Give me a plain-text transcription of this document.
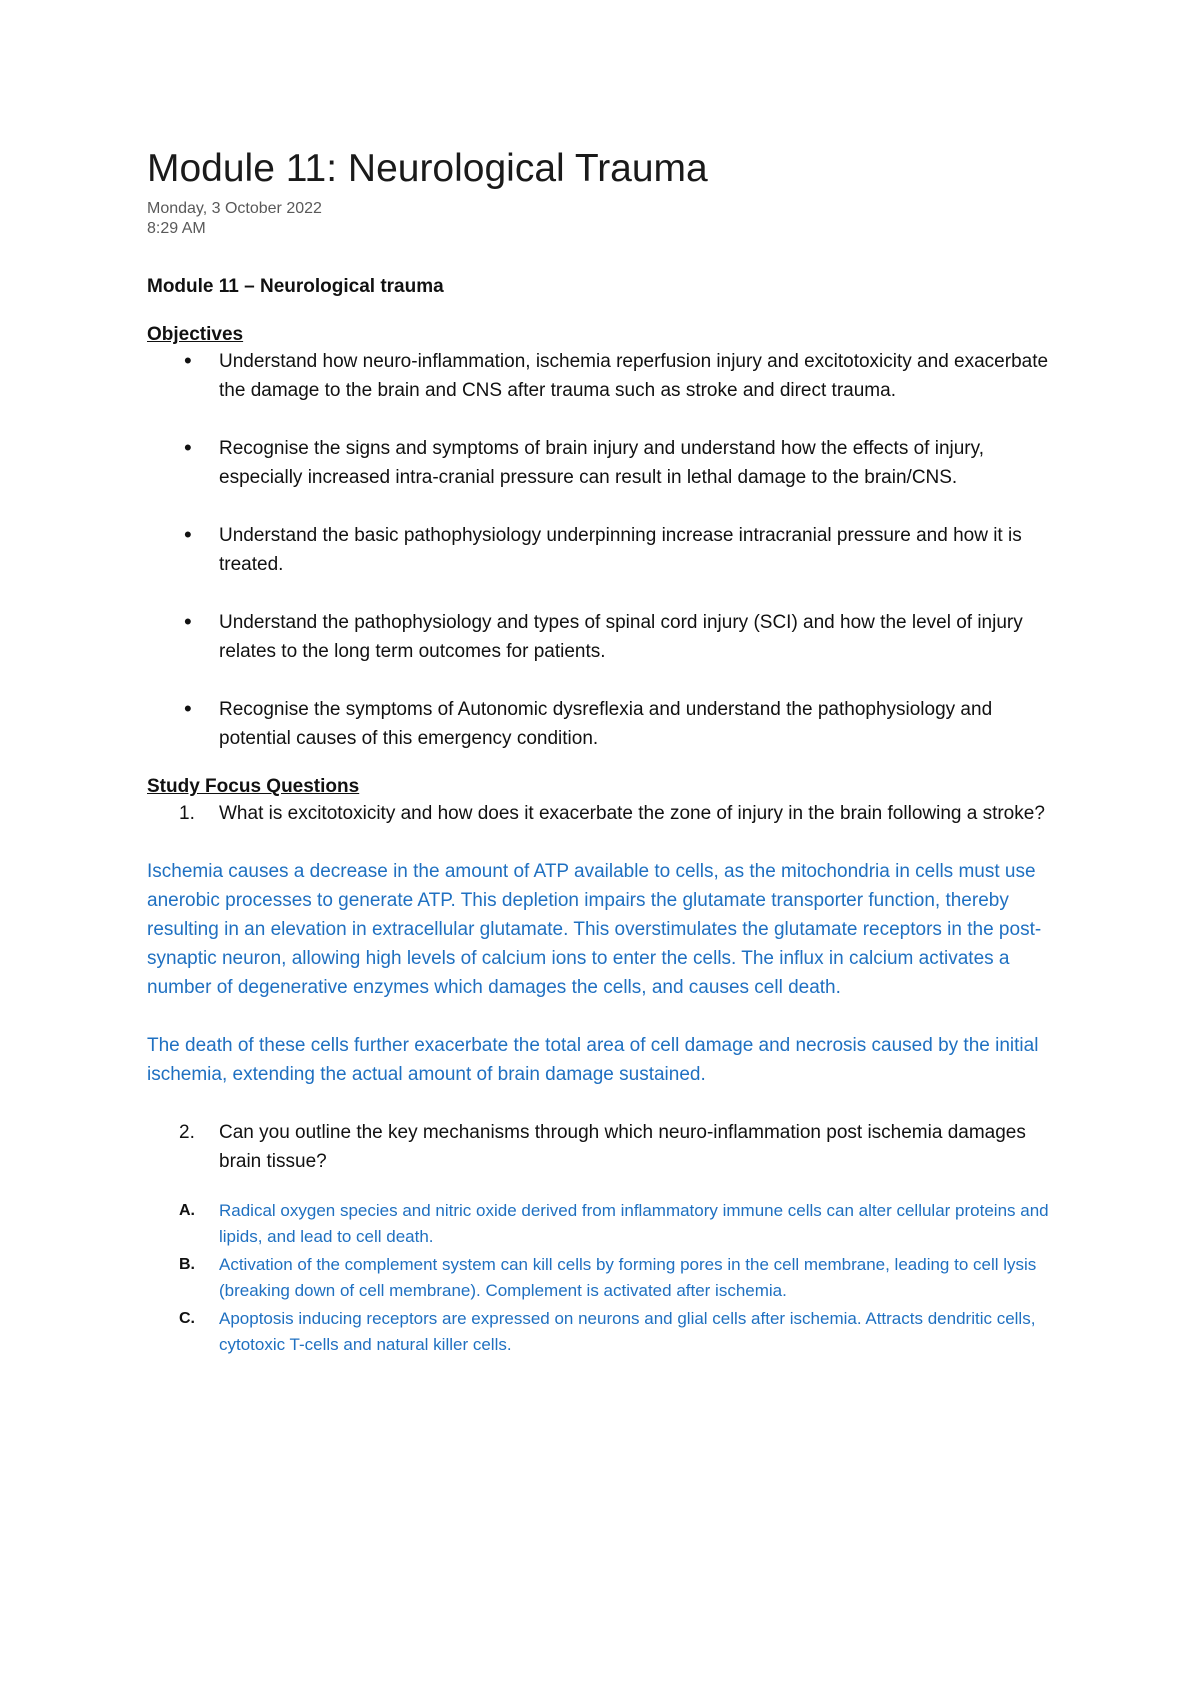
Module 11: Neurological Trauma
Monday, 3 October 2022
8:29 AM
Module 11 – Neurological trauma
Objectives
• Understand how neuro-inflammation, ischemia reperfusion injury and excitotoxicity and exacerbate the damage to the brain and CNS after trauma such as stroke and direct trauma.
• Recognise the signs and symptoms of brain injury and understand how the effects of injury, especially increased intra-cranial pressure can result in lethal damage to the brain/CNS.
• Understand the basic pathophysiology underpinning increase intracranial pressure and how it is treated.
• Understand the pathophysiology and types of spinal cord injury (SCI) and how the level of injury relates to the long term outcomes for patients.
• Recognise the symptoms of Autonomic dysreflexia and understand the pathophysiology and potential causes of this emergency condition.
Study Focus Questions
1. What is excitotoxicity and how does it exacerbate the zone of injury in the brain following a stroke?
Ischemia causes a decrease in the amount of ATP available to cells, as the mitochondria in cells must use anerobic processes to generate ATP. This depletion impairs the glutamate transporter function, thereby resulting in an elevation in extracellular glutamate. This overstimulates the glutamate receptors in the post-synaptic neuron, allowing high levels of calcium ions to enter the cells. The influx in calcium activates a number of degenerative enzymes which damages the cells, and causes cell death.
The death of these cells further exacerbate the total area of cell damage and necrosis caused by the initial ischemia, extending the actual amount of brain damage sustained.
2. Can you outline the key mechanisms through which neuro-inflammation post ischemia damages brain tissue?
A. Radical oxygen species and nitric oxide derived from inflammatory immune cells can alter cellular proteins and lipids, and lead to cell death.
B. Activation of the complement system can kill cells by forming pores in the cell membrane, leading to cell lysis (breaking down of cell membrane). Complement is activated after ischemia.
C. Apoptosis inducing receptors are expressed on neurons and glial cells after ischemia. Attracts dendritic cells, cytotoxic T-cells and natural killer cells.
